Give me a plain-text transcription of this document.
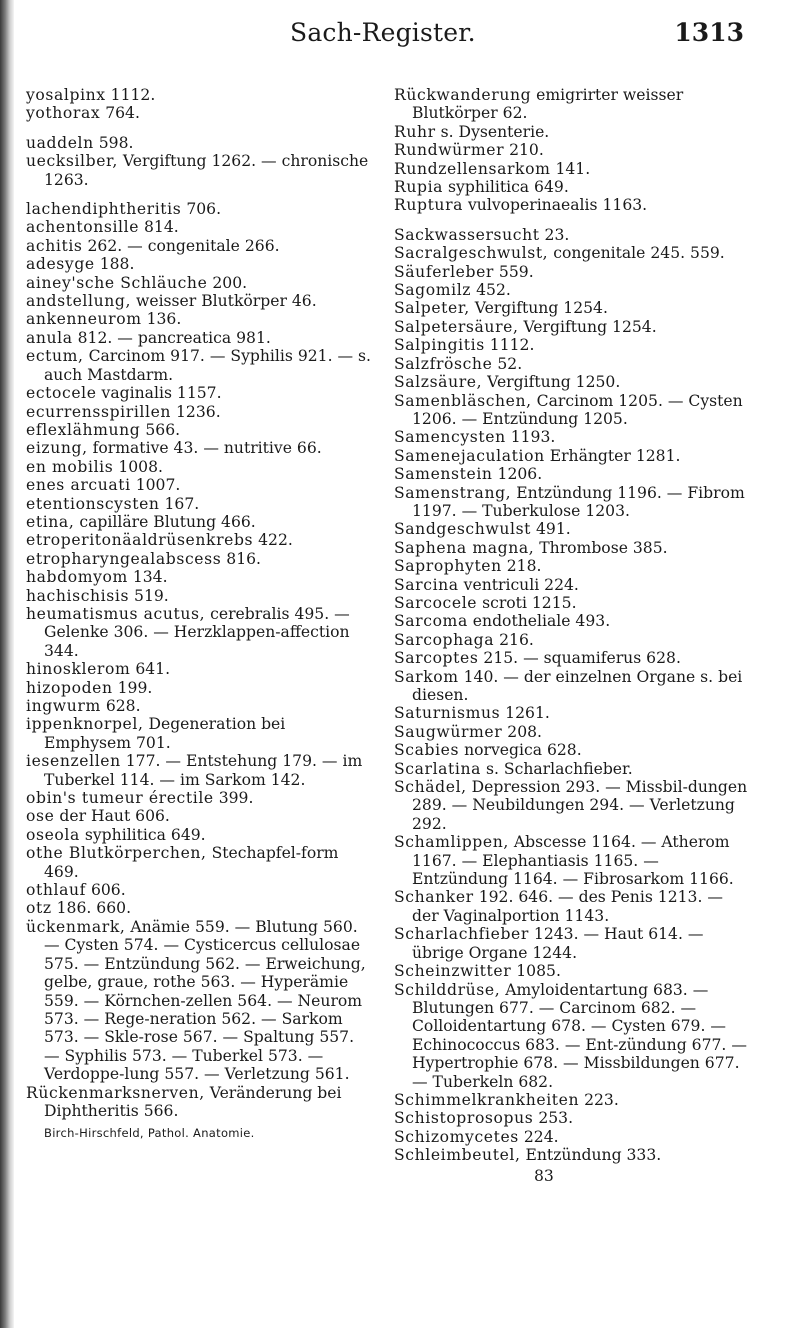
Sach-Register.	1313
yosalpinx 1112.
yothorax 764.
uaddeln 598.
uecksilber, Vergiftung 1262. — chronische 1263.
lachendiphtheritis 706.
achentonsille 814.
achitis 262. — congenitale 266.
adesyge 188.
ainey'sche Schläuche 200.
andstellung, weisser Blutkörper 46.
ankenneurom 136.
anula 812. — pancreatica 981.
ectum, Carcinom 917. — Syphilis 921. — s. auch Mastdarm.
ectocele vaginalis 1157.
ecurrensspirillen 1236.
eflexlähmung 566.
eizung, formative 43. — nutritive 66.
en mobilis 1008.
enes arcuati 1007.
etentionscysten 167.
etina, capilläre Blutung 466.
etroperitonäaldrüsenkrebs 422.
etropharyngealabscess 816.
habdomyom 134.
hachischisis 519.
heumatismus acutus, cerebralis 495. — Gelenke 306. — Herzklappen-affection 344.
hinosklerom 641.
hizopoden 199.
ingwurm 628.
ippenknorpel, Degeneration bei Emphysem 701.
iesenzellen 177. — Entstehung 179. — im Tuberkel 114. — im Sarkom 142.
obin's tumeur érectile 399.
ose der Haut 606.
oseola syphilitica 649.
othe Blutkörperchen, Stechapfel-form 469.
othlauf 606.
otz 186. 660.
ückenmark, Anämie 559. — Blutung 560. — Cysten 574. — Cysticercus cellulosae 575. — Entzündung 562. — Erweichung, gelbe, graue, rothe 563. — Hyperämie 559. — Körnchen-zellen 564. — Neurom 573. — Rege-neration 562. — Sarkom 573. — Skle-rose 567. — Spaltung 557. — Syphilis 573. — Tuberkel 573. — Verdoppe-lung 557. — Verletzung 561.
Rückenmarksnerven, Veränderung bei Diphtheritis 566.
Birch-Hirschfeld, Pathol. Anatomie.
Rückwanderung emigrirter weisser Blutkörper 62.
Ruhr s. Dysenterie.
Rundwürmer 210.
Rundzellensarkom 141.
Rupia syphilitica 649.
Ruptura vulvoperinaealis 1163.
Sackwassersucht 23.
Sacralgeschwulst, congenitale 245. 559.
Säuferleber 559.
Sagomilz 452.
Salpeter, Vergiftung 1254.
Salpetersäure, Vergiftung 1254.
Salpingitis 1112.
Salzfrösche 52.
Salzsäure, Vergiftung 1250.
Samenbläschen, Carcinom 1205. — Cysten 1206. — Entzündung 1205.
Samencysten 1193.
Samenejaculation Erhängter 1281.
Samenstein 1206.
Samenstrang, Entzündung 1196. — Fibrom 1197. — Tuberkulose 1203.
Sandgeschwulst 491.
Saphena magna, Thrombose 385.
Saprophyten 218.
Sarcina ventriculi 224.
Sarcocele scroti 1215.
Sarcoma endotheliale 493.
Sarcophaga 216.
Sarcoptes 215. — squamiferus 628.
Sarkom 140. — der einzelnen Organe s. bei diesen.
Saturnismus 1261.
Saugwürmer 208.
Scabies norvegica 628.
Scarlatina s. Scharlachfieber.
Schädel, Depression 293. — Missbil-dungen 289. — Neubildungen 294. — Verletzung 292.
Schamlippen, Abscesse 1164. — Atherom 1167. — Elephantiasis 1165. — Entzündung 1164. — Fibrosarkom 1166.
Schanker 192. 646. — des Penis 1213. — der Vaginalportion 1143.
Scharlachfieber 1243. — Haut 614. — übrige Organe 1244.
Scheinzwitter 1085.
Schilddrüse, Amyloidentartung 683. — Blutungen 677. — Carcinom 682. — Colloidentartung 678. — Cysten 679. — Echinococcus 683. — Ent-zündung 677. — Hypertrophie 678. — Missbildungen 677. — Tuberkeln 682.
Schimmelkrankheiten 223.
Schistoprosopus 253.
Schizomycetes 224.
Schleimbeutel, Entzündung 333.
83
